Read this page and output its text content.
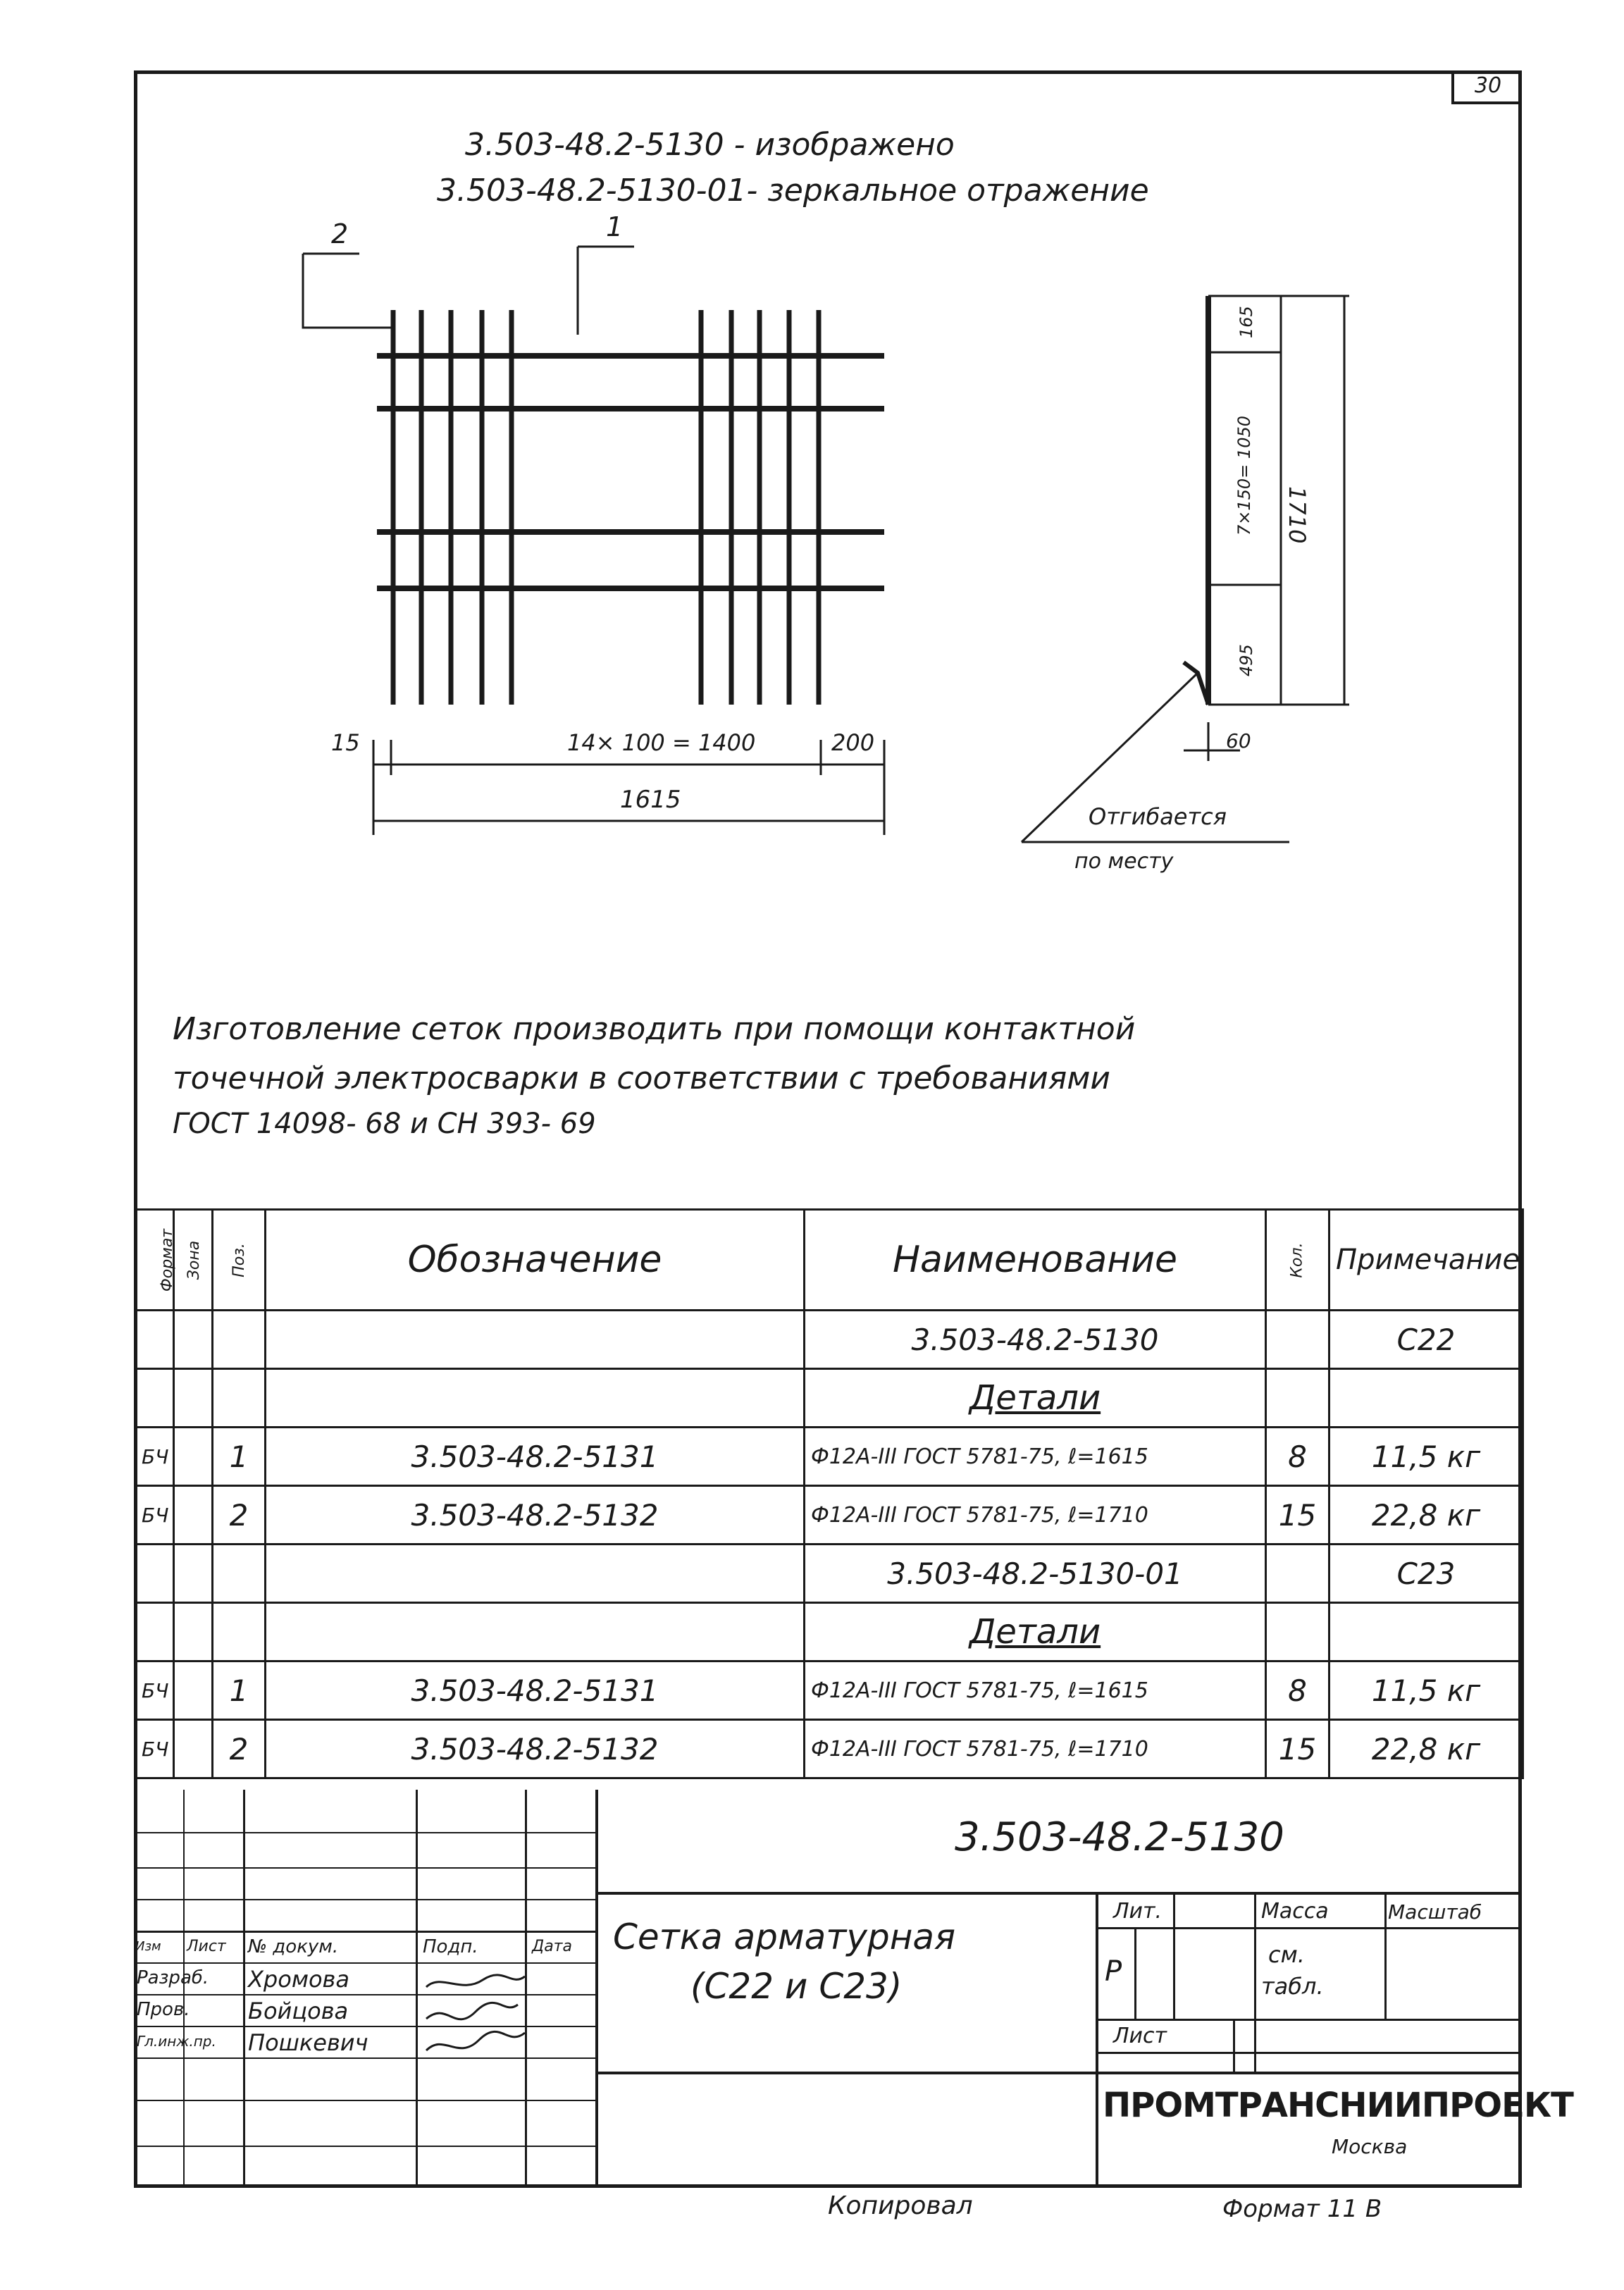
30
3.503-48.2-5130 - изображено
3.503-48.2-5130-01- зеркальное отражение
2	1
15	14× 100 = 1400	200
1615
165
7×150= 1050
495
1710
60
Отгибается
по месту
Изготовление сеток производить при помощи контактной
точечной электросварки в соответствии с требованиями
ГОСТ 14098- 68 и СН 393- 69
Формат	Зона	Поз.	Обозначение	Наименование	Кол.	Примечание
				3.503-48.2-5130		С22
				Детали		
БЧ		1	3.503-48.2-5131	Ф12А-III ГОСТ 5781-75, ℓ=1615	8	11,5 кг
БЧ		2	3.503-48.2-5132	Ф12А-III ГОСТ 5781-75, ℓ=1710	15	22,8 кг
				3.503-48.2-5130-01		С23
				Детали		
БЧ		1	3.503-48.2-5131	Ф12А-III ГОСТ 5781-75, ℓ=1615	8	11,5 кг
БЧ		2	3.503-48.2-5132	Ф12А-III ГОСТ 5781-75, ℓ=1710	15	22,8 кг
3.503-48.2-5130
Сетка арматурная
(С22 и С23)
Изм Лист № докум.	Подп.	Дата
Разраб. Хромова
Пров.	Бойцова
Гл.инж.пр. Пошкевич
Лит.	Масса	Масштаб
Р
см.
табл.
Лист
ПРОМТРАНСНИИПРОЕКТ
Москва
Копировал	Формат 11 В
